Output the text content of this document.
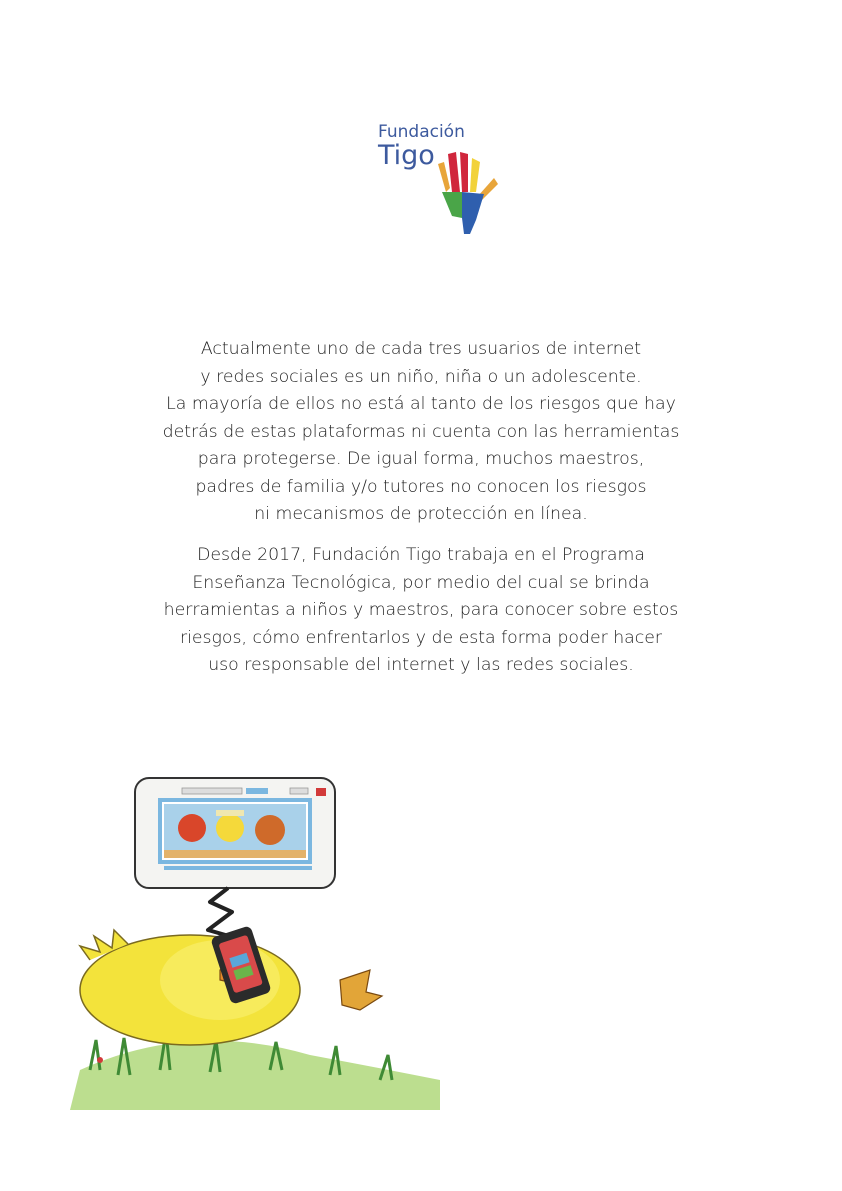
Fundación
Tigo
Actualmente uno de cada tres usuarios de internet
y redes sociales es un niño, niña o un adolescente.
La mayoría de ellos no está al tanto de los riesgos que hay
detrás de estas plataformas ni cuenta con las herramientas
para protegerse. De igual forma, muchos maestros,
padres de familia y/o tutores no conocen los riesgos
ni mecanismos de protección en línea.
Desde 2017, Fundación Tigo trabaja en el Programa
Enseñanza Tecnológica, por medio del cual se brinda
herramientas a niños y maestros, para conocer sobre estos
riesgos, cómo enfrentarlos y de esta forma poder hacer
uso responsable del internet y las redes sociales.
